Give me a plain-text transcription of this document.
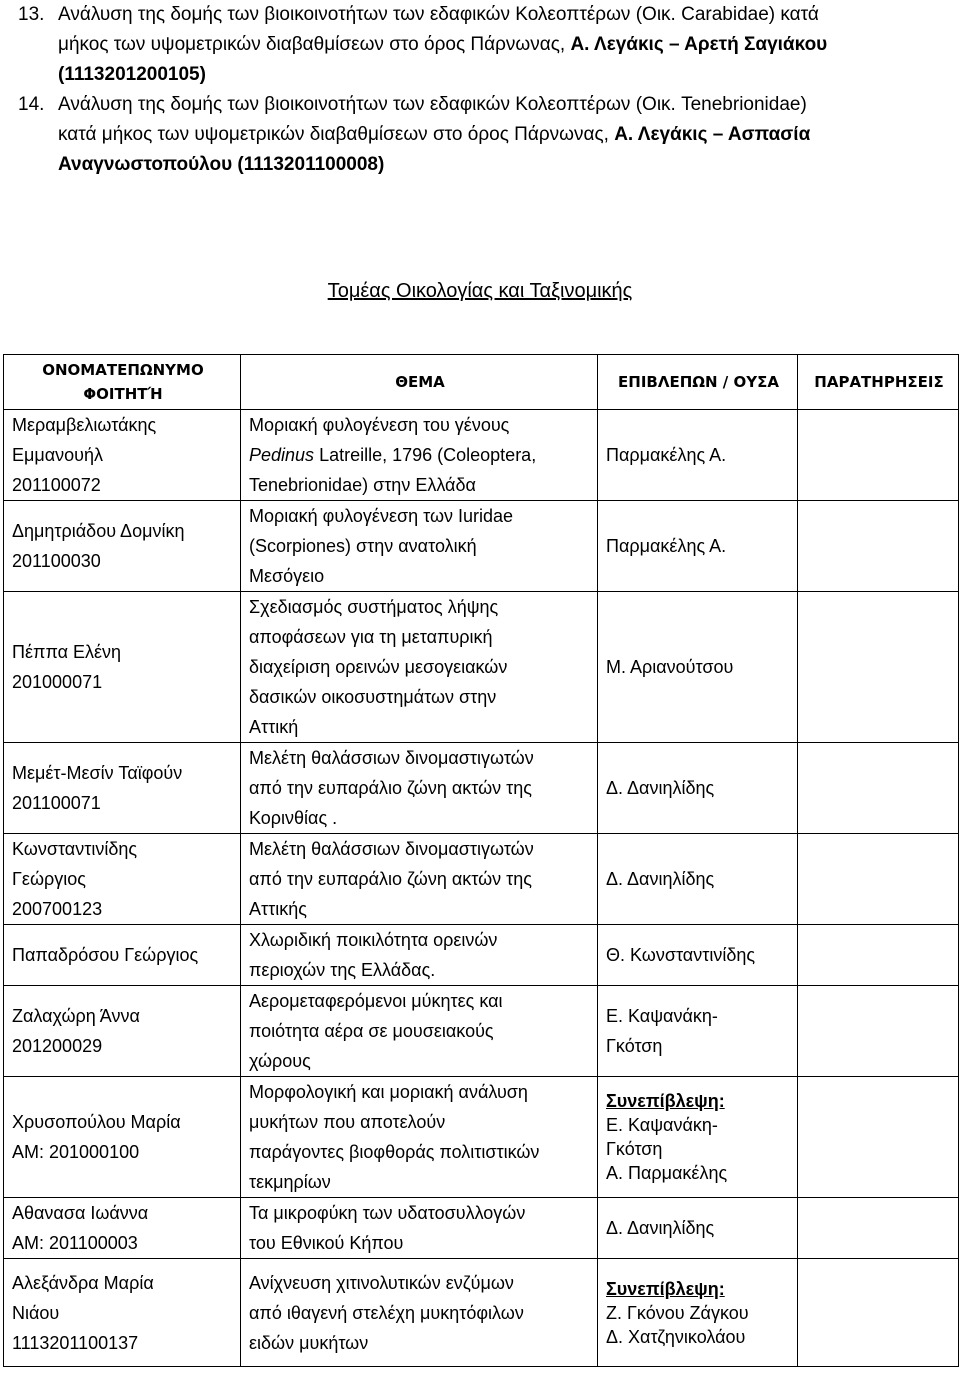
13. Ανάλυση της δομής των βιοικοινοτήτων των εδαφικών Κολεοπτέρων (Οικ. Carabidae) κατά
μήκος των υψομετρικών διαβαθμίσεων στο όρος Πάρνωνας, Α. Λεγάκις – Αρετή Σαγιάκου
(1113201200105)
14. Ανάλυση της δομής των βιοικοινοτήτων των εδαφικών Κολεοπτέρων (Οικ. Tenebrionidae)
κατά μήκος των υψομετρικών διαβαθμίσεων στο όρος Πάρνωνας, Α. Λεγάκις – Ασπασία
Αναγνωστοπούλου (1113201100008)
Τομέας Οικολογίας και Ταξινομικής
ΟΝΟΜΑΤΕΠΩΝΥΜΟ ΦΟΙΤΗΤΉ	ΘΕΜΑ	ΕΠΙΒΛΕΠΩΝ / ΟΥΣΑ	ΠΑΡΑΤΗΡΗΣΕΙΣ

Μεραμβελιωτάκης
Εμμανουήλ
201100072	Μοριακή φυλογένεση του γένους
Pedinus Latreille, 1796 (Coleoptera,
Tenebrionidae) στην Ελλάδα	Παρμακέλης Α.	

Δημητριάδου Δομνίκη
201100030	Μοριακή φυλογένεση των Iuridae
(Scorpiones) στην ανατολική
Μεσόγειο	Παρμακέλης Α.	

Πέππα Ελένη
201000071	Σχεδιασμός συστήματος λήψης
αποφάσεων για τη μεταπυρική
διαχείριση ορεινών μεσογειακών
δασικών οικοσυστημάτων στην
Αττική	Μ. Αριανούτσου	

Μεμέτ-Μεσίν Ταϊφούν
201100071	Μελέτη θαλάσσιων δινομαστιγωτών
από την ευπαράλιο ζώνη ακτών της
Κορινθίας .	Δ. Δανιηλίδης	

Κωνσταντινίδης
Γεώργιος
200700123	Μελέτη θαλάσσιων δινομαστιγωτών
από την ευπαράλιο ζώνη ακτών της
Αττικής	Δ. Δανιηλίδης	

Παπαδρόσου Γεώργιος	Χλωριδική ποικιλότητα ορεινών
περιοχών της Ελλάδας.	Θ. Κωνσταντινίδης	

Ζαλαχώρη Άννα
201200029	Αερομεταφερόμενοι μύκητες και
ποιότητα αέρα σε μουσειακούς
χώρους	Ε. Καψανάκη-
Γκότση	

Χρυσοπούλου Μαρία
ΑΜ: 201000100	Μορφολογική και μοριακή ανάλυση
μυκήτων που αποτελούν
παράγοντες βιοφθοράς πολιτιστικών
τεκμηρίων	Συνεπίβλεψη:
Ε. Καψανάκη-
Γκότση
Α. Παρμακέλης	

Αθανασα Ιωάννα
ΑΜ: 201100003	Τα μικροφύκη των υδατοσυλλογών
του Εθνικού Κήπου	Δ. Δανιηλίδης	

Αλεξάνδρα Μαρία
Νιάου
1113201100137	Ανίχνευση χιτινολυτικών ενζύμων
από ιθαγενή στελέχη μυκητόφιλων
ειδών μυκήτων	Συνεπίβλεψη:
Ζ. Γκόνου Ζάγκου
Δ. Χατζηνικολάου	
